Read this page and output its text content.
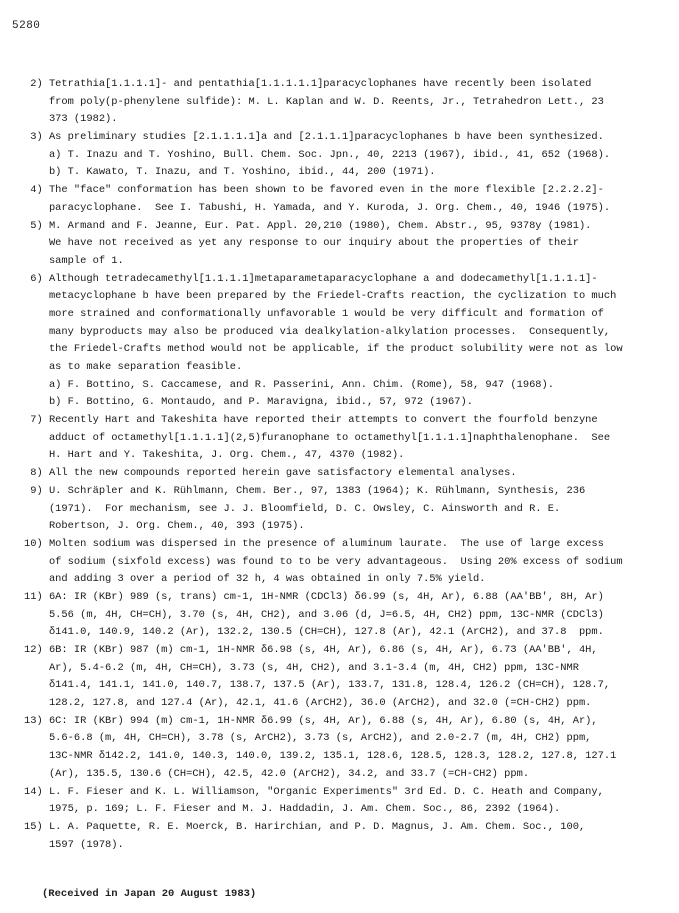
5280
2) Tetrathia[1.1.1.1]- and pentathia[1.1.1.1.1]paracyclophanes have recently been isolated
from poly(p-phenylene sulfide): M. L. Kaplan and W. D. Reents, Jr., Tetrahedron Lett., 23
373 (1982).
3) As preliminary studies [2.1.1.1.1]a and [2.1.1.1]paracyclophanes b have been synthesized.
a) T. Inazu and T. Yoshino, Bull. Chem. Soc. Jpn., 40, 2213 (1967), ibid., 41, 652 (1968).
b) T. Kawato, T. Inazu, and T. Yoshino, ibid., 44, 200 (1971).
4) The "face" conformation has been shown to be favored even in the more flexible [2.2.2.2]-
paracyclophane.  See I. Tabushi, H. Yamada, and Y. Kuroda, J. Org. Chem., 40, 1946 (1975).
5) M. Armand and F. Jeanne, Eur. Pat. Appl. 20,210 (1980), Chem. Abstr., 95, 9378y (1981).
We have not received as yet any response to our inquiry about the properties of their
sample of 1.
6) Although tetradecamethyl[1.1.1.1]metaparametaparacyclophane a and dodecamethyl[1.1.1.1]-
metacyclophane b have been prepared by the Friedel-Crafts reaction, the cyclization to much
more strained and conformationally unfavorable 1 would be very difficult and formation of
many byproducts may also be produced via dealkylation-alkylation processes.  Consequently,
the Friedel-Crafts method would not be applicable, if the product solubility were not as low
as to make separation feasible.
a) F. Bottino, S. Caccamese, and R. Passerini, Ann. Chim. (Rome), 58, 947 (1968).
b) F. Bottino, G. Montaudo, and P. Maravigna, ibid., 57, 972 (1967).
7) Recently Hart and Takeshita have reported their attempts to convert the fourfold benzyne
adduct of octamethyl[1.1.1.1](2,5)furanophane to octamethyl[1.1.1.1]naphthalenophane.  See
H. Hart and Y. Takeshita, J. Org. Chem., 47, 4370 (1982).
8) All the new compounds reported herein gave satisfactory elemental analyses.
9) U. Schräpler and K. Rühlmann, Chem. Ber., 97, 1383 (1964); K. Rühlmann, Synthesis, 236
(1971).  For mechanism, see J. J. Bloomfield, D. C. Owsley, C. Ainsworth and R. E.
Robertson, J. Org. Chem., 40, 393 (1975).
10) Molten sodium was dispersed in the presence of aluminum laurate.  The use of large excess
of sodium (sixfold excess) was found to to be very advantageous.  Using 20% excess of sodium
and adding 3 over a period of 32 h, 4 was obtained in only 7.5% yield.
11) 6A: IR (KBr) 989 (s, trans) cm-1, 1H-NMR (CDCl3) δ6.99 (s, 4H, Ar), 6.88 (AA'BB', 8H, Ar)
5.56 (m, 4H, CH=CH), 3.70 (s, 4H, CH2), and 3.06 (d, J=6.5, 4H, CH2) ppm, 13C-NMR (CDCl3)
δ141.0, 140.9, 140.2 (Ar), 132.2, 130.5 (CH=CH), 127.8 (Ar), 42.1 (ArCH2), and 37.8  ppm.
12) 6B: IR (KBr) 987 (m) cm-1, 1H-NMR δ6.98 (s, 4H, Ar), 6.86 (s, 4H, Ar), 6.73 (AA'BB', 4H,
Ar), 5.4-6.2 (m, 4H, CH=CH), 3.73 (s, 4H, CH2), and 3.1-3.4 (m, 4H, CH2) ppm, 13C-NMR
δ141.4, 141.1, 141.0, 140.7, 138.7, 137.5 (Ar), 133.7, 131.8, 128.4, 126.2 (CH=CH), 128.7,
128.2, 127.8, and 127.4 (Ar), 42.1, 41.6 (ArCH2), 36.0 (ArCH2), and 32.0 (=CH-CH2) ppm.
13) 6C: IR (KBr) 994 (m) cm-1, 1H-NMR δ6.99 (s, 4H, Ar), 6.88 (s, 4H, Ar), 6.80 (s, 4H, Ar),
5.6-6.8 (m, 4H, CH=CH), 3.78 (s, ArCH2), 3.73 (s, ArCH2), and 2.0-2.7 (m, 4H, CH2) ppm,
13C-NMR δ142.2, 141.0, 140.3, 140.0, 139.2, 135.1, 128.6, 128.5, 128.3, 128.2, 127.8, 127.1
(Ar), 135.5, 130.6 (CH=CH), 42.5, 42.0 (ArCH2), 34.2, and 33.7 (=CH-CH2) ppm.
14) L. F. Fieser and K. L. Williamson, "Organic Experiments" 3rd Ed. D. C. Heath and Company,
1975, p. 169; L. F. Fieser and M. J. Haddadin, J. Am. Chem. Soc., 86, 2392 (1964).
15) L. A. Paquette, R. E. Moerck, B. Harirchian, and P. D. Magnus, J. Am. Chem. Soc., 100,
1597 (1978).
(Received in Japan 20 August 1983)
